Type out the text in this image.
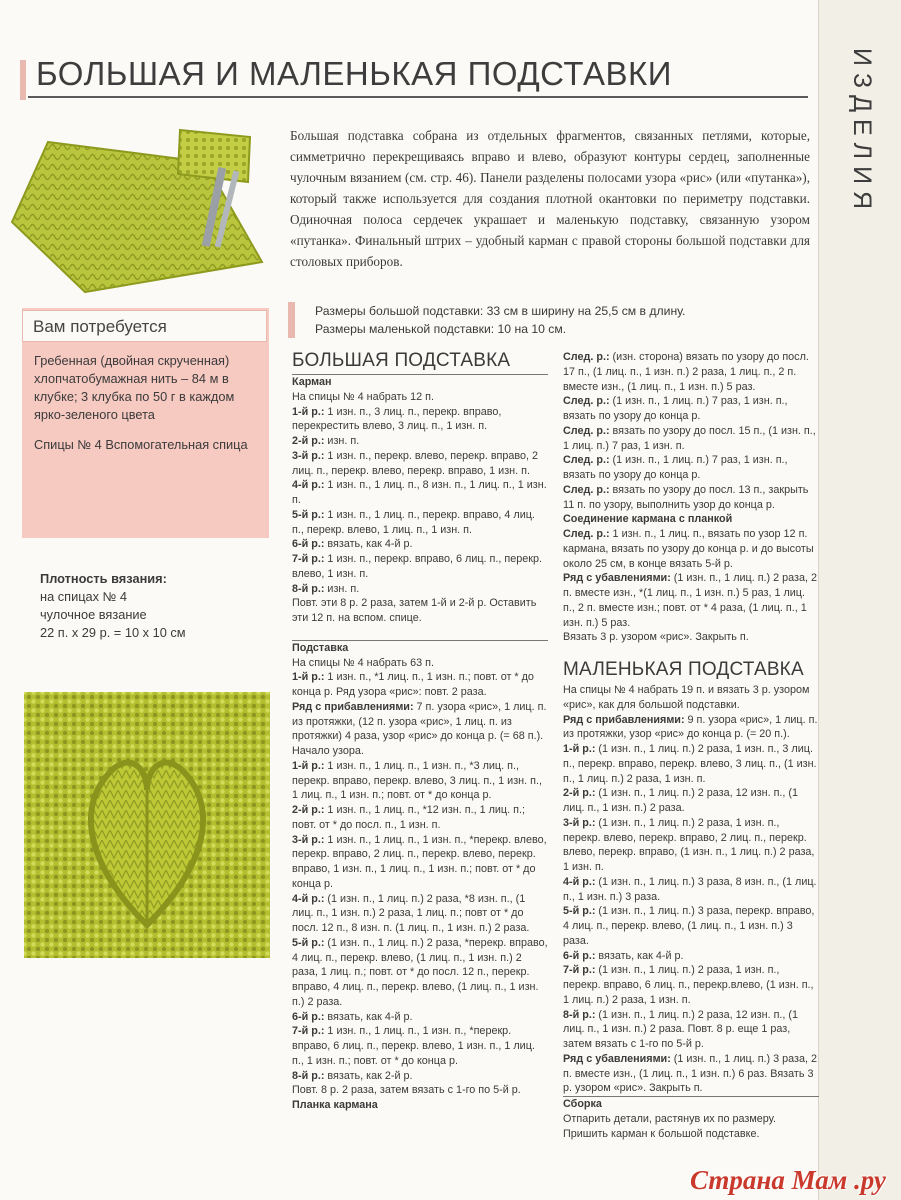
ИЗДЕЛИЯ
БОЛЬШАЯ И МАЛЕНЬКАЯ ПОДСТАВКИ
Большая подставка собрана из отдельных фрагментов, связанных петлями, которые, симметрично перекрещиваясь вправо и влево, образуют контуры сердец, заполненные чулочным вязанием (см. стр. 46). Панели разделены полосами узора «рис» (или «путанка»), который также используется для создания плотной окантовки по периметру подставки. Одиночная полоса сердечек украшает и маленькую подставку, связанную узором «путанка». Финальный штрих – удобный карман с правой стороны большой подставки для столовых приборов.
Размеры большой подставки: 33 см в ширину на 25,5 см в длину.
Размеры маленькой подставки: 10 на 10 см.
Вам потребуется
Гребенная (двойная скрученная) хлопчатобумажная нить – 84 м в клубке; 3 клубка по 50 г в каждом ярко-зеленого цвета
Спицы № 4 Вспомогательная спица
Плотность вязания:
на спицах № 4
чулочное вязание
22 п. х 29 р. = 10 х 10 см
БОЛЬШАЯ ПОДСТАВКА
Карман

На спицы № 4 набрать 12 п.

1-й р.: 1 изн. п., 3 лиц. п., перекр. вправо, перекрестить влево, 3 лиц. п., 1 изн. п.

2-й р.: изн. п.

3-й р.: 1 изн. п., перекр. влево, перекр. вправо, 2 лиц. п., перекр. влево, перекр. вправо, 1 изн. п.

4-й р.: 1 изн. п., 1 лиц. п., 8 изн. п., 1 лиц. п., 1 изн. п.

5-й р.: 1 изн. п., 1 лиц. п., перекр. вправо, 4 лиц. п., перекр. влево, 1 лиц. п., 1 изн. п.

6-й р.: вязать, как 4-й р.

7-й р.: 1 изн. п., перекр. вправо, 6 лиц. п., перекр. влево, 1 изн. п.

8-й р.: изн. п.

Повт. эти 8 р. 2 раза, затем 1-й и 2-й р. Оставить эти 12 п. на вспом. спице.

Подставка

На спицы № 4 набрать 63 п.

1-й р.: 1 изн. п., *1 лиц. п., 1 изн. п.; повт. от * до конца р. Ряд узора «рис»: повт. 2 раза.

Ряд с прибавлениями: 7 п. узора «рис», 1 лиц. п. из протяжки, (12 п. узора «рис», 1 лиц. п. из протяжки) 4 раза, узор «рис» до конца р. (= 68 п.).

Начало узора.

1-й р.: 1 изн. п., 1 лиц. п., 1 изн. п., *3 лиц. п., перекр. вправо, перекр. влево, 3 лиц. п., 1 изн. п., 1 лиц. п., 1 изн. п.; повт. от * до конца р.

2-й р.: 1 изн. п., 1 лиц. п., *12 изн. п., 1 лиц. п.; повт. от * до посл. п., 1 изн. п.

3-й р.: 1 изн. п., 1 лиц. п., 1 изн. п., *перекр. влево, перекр. вправо, 2 лиц. п., перекр. влево, перекр. вправо, 1 изн. п., 1 лиц. п., 1 изн. п.; повт. от * до конца р.

4-й р.: (1 изн. п., 1 лиц. п.) 2 раза, *8 изн. п., (1 лиц. п., 1 изн. п.) 2 раза, 1 лиц. п.; повт от * до посл. 12 п., 8 изн. п. (1 лиц. п., 1 изн. п.) 2 раза.

5-й р.: (1 изн. п., 1 лиц. п.) 2 раза, *перекр. вправо, 4 лиц. п., перекр. влево, (1 лиц. п., 1 изн. п.) 2 раза, 1 лиц. п.; повт. от * до посл. 12 п., перекр. вправо, 4 лиц. п., перекр. влево, (1 лиц. п., 1 изн. п.) 2 раза.

6-й р.: вязать, как 4-й р.

7-й р.: 1 изн. п., 1 лиц. п., 1 изн. п., *перекр. вправо, 6 лиц. п., перекр. влево, 1 изн. п., 1 лиц. п., 1 изн. п.; повт. от * до конца р.

8-й р.: вязать, как 2-й р.

Повт. 8 р. 2 раза, затем вязать с 1-го по 5-й р.

Планка кармана

След. р.: (изн. сторона) вязать по узору до посл. 17 п., (1 лиц. п., 1 изн. п.) 2 раза, 1 лиц. п., 2 п. вместе изн., (1 лиц. п., 1 изн. п.) 5 раз.

След. р.: (1 изн. п., 1 лиц. п.) 7 раз, 1 изн. п., вязать по узору до конца р.

След. р.: вязать по узору до посл. 15 п., (1 изн. п., 1 лиц. п.) 7 раз, 1 изн. п.

След. р.: (1 изн. п., 1 лиц. п.) 7 раз, 1 изн. п., вязать по узору до конца р.

След. р.: вязать по узору до посл. 13 п., закрыть 11 п. по узору, выполнить узор до конца р.

Соединение кармана с планкой

След. р.: 1 изн. п., 1 лиц. п., вязать по узор 12 п. кармана, вязать по узору до конца р. и до высоты около 25 см, в конце вязать 5-й р.

Ряд с убавлениями: (1 изн. п., 1 лиц. п.) 2 раза, 2 п. вместе изн., *(1 лиц. п., 1 изн. п.) 5 раз, 1 лиц. п., 2 п. вместе изн.; повт. от * 4 раза, (1 лиц. п., 1 изн. п.) 5 раз.

Вязать 3 р. узором «рис». Закрыть п.

МАЛЕНЬКАЯ ПОДСТАВКА

На спицы № 4 набрать 19 п. и вязать 3 р. узором «рис», как для большой подставки.

Ряд с прибавлениями: 9 п. узора «рис», 1 лиц. п. из протяжки, узор «рис» до конца р. (= 20 п.).

1-й р.: (1 изн. п., 1 лиц. п.) 2 раза, 1 изн. п., 3 лиц. п., перекр. вправо, перекр. влево, 3 лиц. п., (1 изн. п., 1 лиц. п.) 2 раза, 1 изн. п.

2-й р.: (1 изн. п., 1 лиц. п.) 2 раза, 12 изн. п., (1 лиц. п., 1 изн. п.) 2 раза.

3-й р.: (1 изн. п., 1 лиц. п.) 2 раза, 1 изн. п., перекр. влево, перекр. вправо, 2 лиц. п., перекр. влево, перекр. вправо, (1 изн. п., 1 лиц. п.) 2 раза, 1 изн. п.

4-й р.: (1 изн. п., 1 лиц. п.) 3 раза, 8 изн. п., (1 лиц. п., 1 изн. п.) 3 раза.

5-й р.: (1 изн. п., 1 лиц. п.) 3 раза, перекр. вправо, 4 лиц. п., перекр. влево, (1 лиц. п., 1 изн. п.) 3 раза.

6-й р.: вязать, как 4-й р.

7-й р.: (1 изн. п., 1 лиц. п.) 2 раза, 1 изн. п., перекр. вправо, 6 лиц. п., перекр.влево, (1 изн. п., 1 лиц. п.) 2 раза, 1 изн. п.

8-й р.: (1 изн. п., 1 лиц. п.) 2 раза, 12 изн. п., (1 лиц. п., 1 изн. п.) 2 раза. Повт. 8 р. еще 1 раз, затем вязать с 1-го по 5-й р.

Ряд с убавлениями: (1 изн. п., 1 лиц. п.) 3 раза, 2 п. вместе изн., (1 лиц. п., 1 изн. п.) 6 раз. Вязать 3 р. узором «рис». Закрыть п.

Сборка

Отпарить детали, растянув их по размеру. Пришить карман к большой подставке.

Страна Мам .ру
